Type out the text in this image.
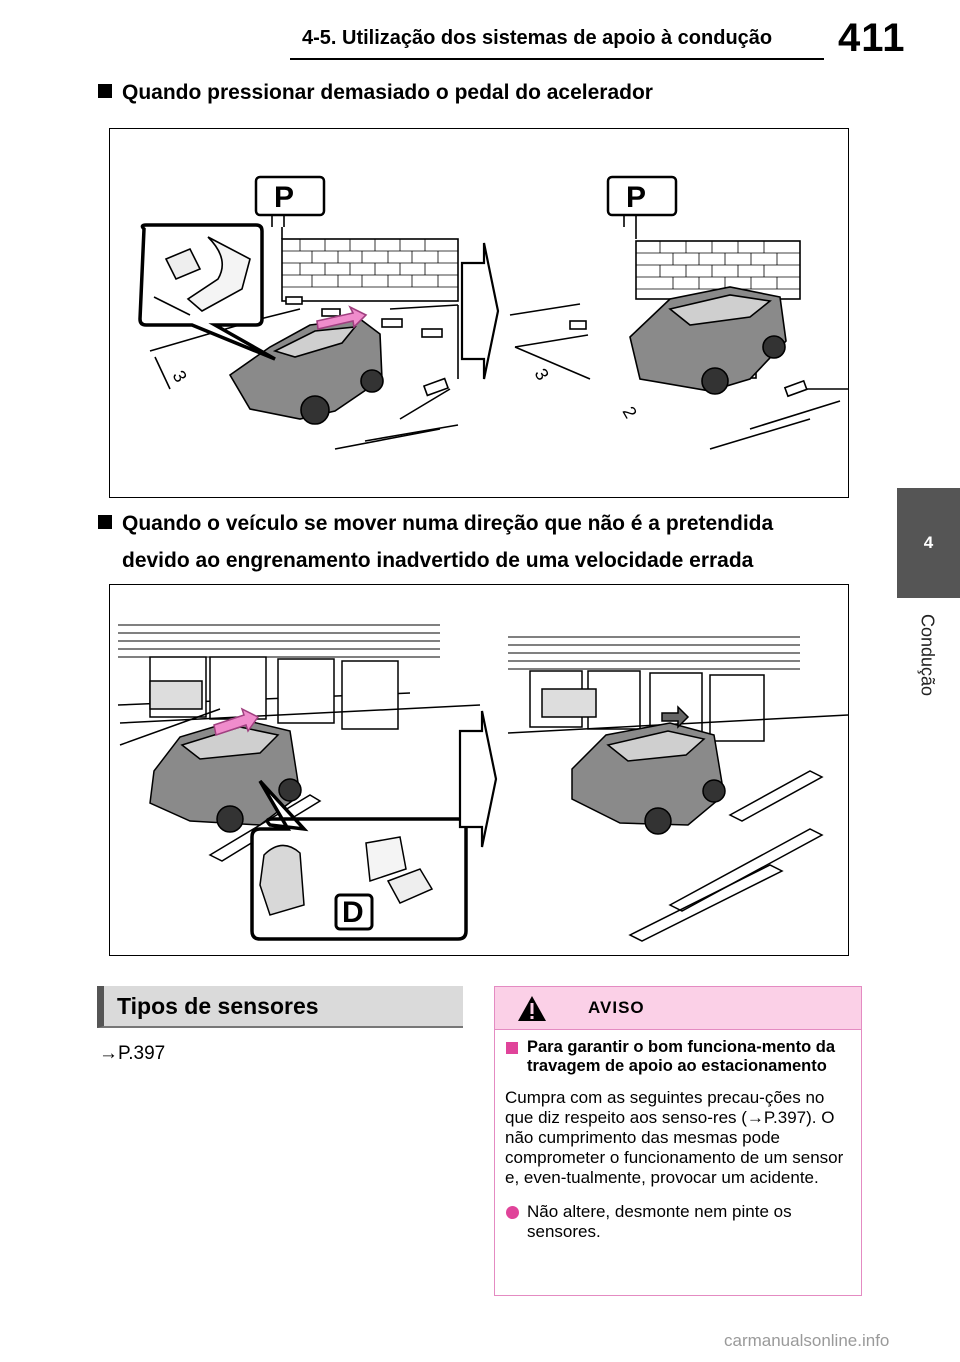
4-5. Utilização dos sistemas de apoio à condução 411
4
Condução
Quando pressionar demasiado o pedal do acelerador
3	3
2
P	P
Quando o veículo se mover numa direção que não é a pretendida
devido ao engrenamento inadvertido de uma velocidade errada
D
Tipos de sensores
→P.397
AVISO
Para garantir o bom funciona-mento da travagem de apoio ao estacionamento
Cumpra com as seguintes precau-ções no que diz respeito aos senso-res (→P.397). O não cumprimento das mesmas pode comprometer o funcionamento de um sensor e, even-tualmente, provocar um acidente.
Não altere, desmonte nem pinte os sensores.
carmanualsonline.info
